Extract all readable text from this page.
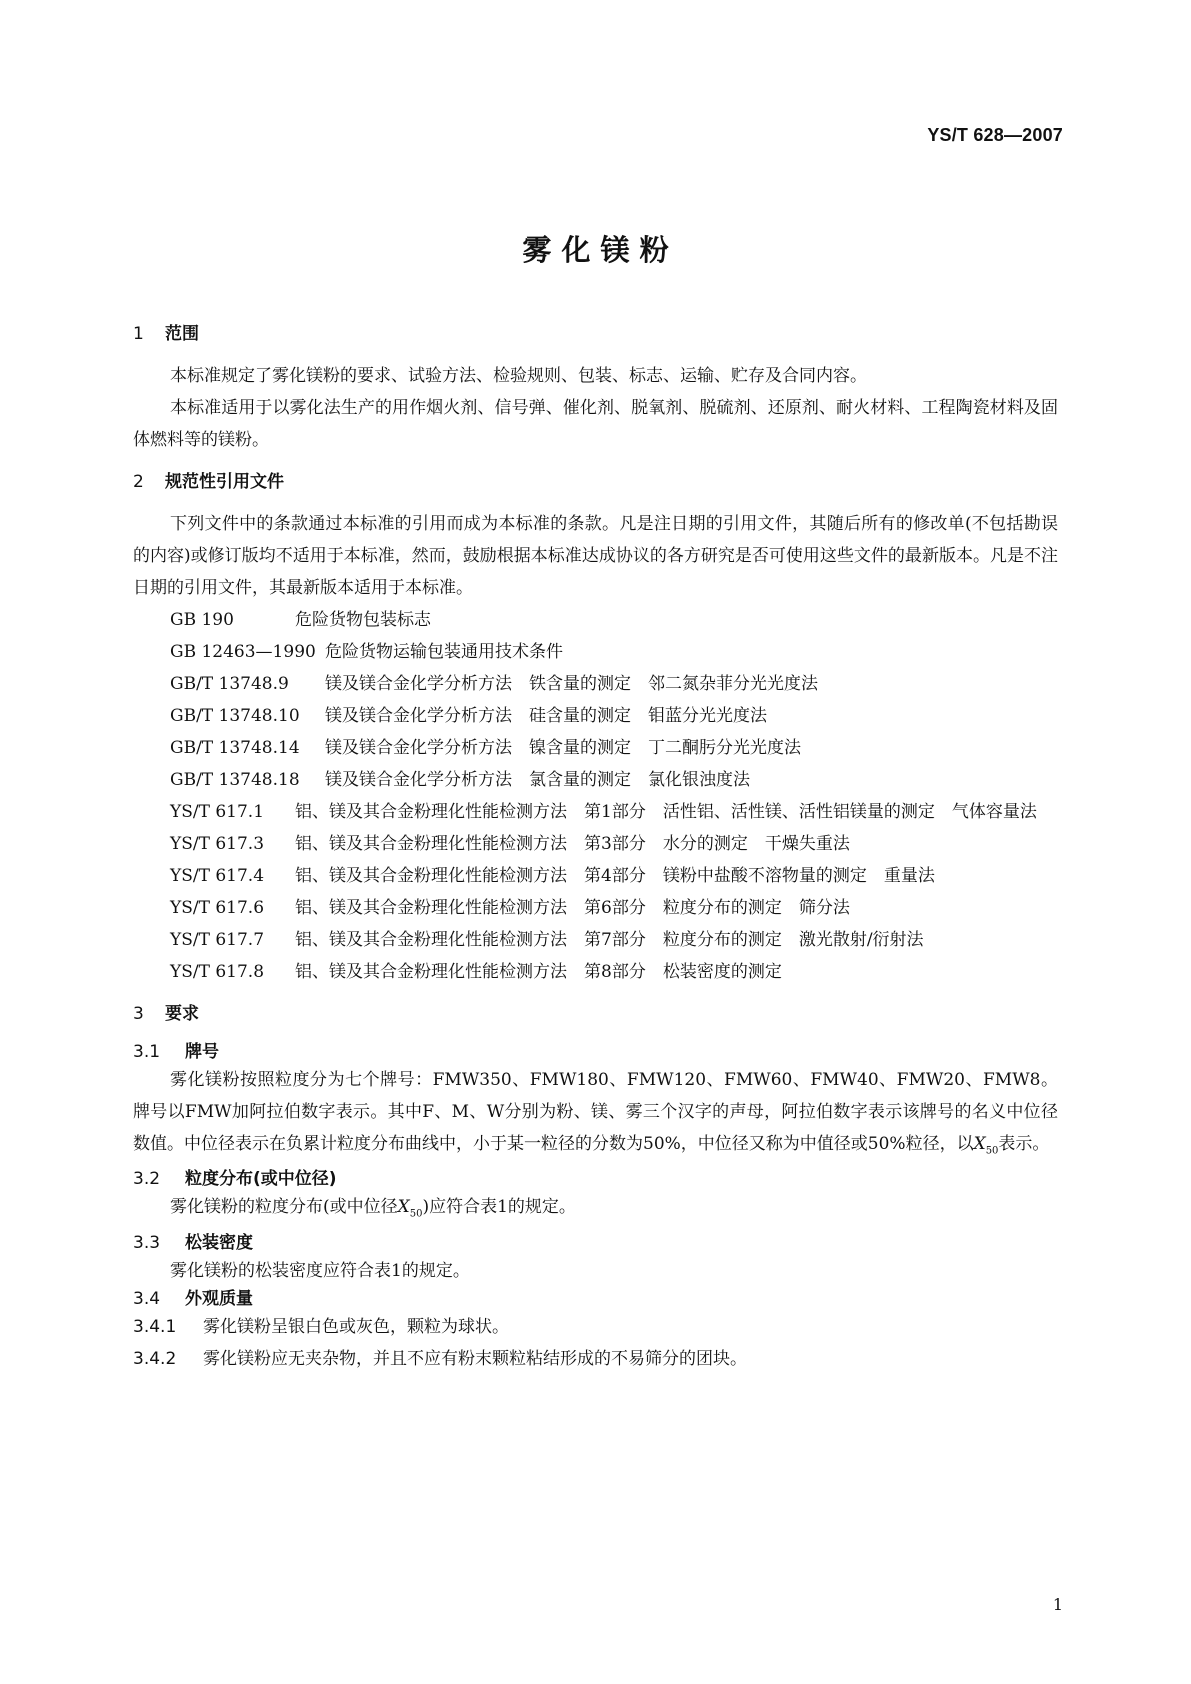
YS/T 628—2007
雾 化 镁 粉

1 范围

本标准规定了雾化镁粉的要求、试验方法、检验规则、包装、标志、运输、贮存及合同内容。

本标准适用于以雾化法生产的用作烟火剂、信号弹、催化剂、脱氧剂、脱硫剂、还原剂、耐火材料、工程陶瓷材料及固体燃料等的镁粉。

2 规范性引用文件

下列文件中的条款通过本标准的引用而成为本标准的条款。凡是注日期的引用文件，其随后所有的修改单(不包括勘误的内容)或修订版均不适用于本标准，然而，鼓励根据本标准达成协议的各方研究是否可使用这些文件的最新版本。凡是不注日期的引用文件，其最新版本适用于本标准。

GB 190	危险货物包装标志

GB 12463—1990 危险货物运输包装通用技术条件

GB/T 13748.9 镁及镁合金化学分析方法　铁含量的测定　邻二氮杂菲分光光度法

GB/T 13748.10 镁及镁合金化学分析方法　硅含量的测定　钼蓝分光光度法

GB/T 13748.14 镁及镁合金化学分析方法　镍含量的测定　丁二酮肟分光光度法

GB/T 13748.18 镁及镁合金化学分析方法　氯含量的测定　氯化银浊度法

YS/T 617.1 铝、镁及其合金粉理化性能检测方法　第1部分　活性铝、活性镁、活性铝镁量的测定　气体容量法

YS/T 617.3 铝、镁及其合金粉理化性能检测方法　第3部分　水分的测定　干燥失重法

YS/T 617.4 铝、镁及其合金粉理化性能检测方法　第4部分　镁粉中盐酸不溶物量的测定　重量法

YS/T 617.6 铝、镁及其合金粉理化性能检测方法　第6部分　粒度分布的测定　筛分法

YS/T 617.7 铝、镁及其合金粉理化性能检测方法　第7部分　粒度分布的测定　激光散射/衍射法

YS/T 617.8 铝、镁及其合金粉理化性能检测方法　第8部分　松装密度的测定

3 要求

3.1 牌号

雾化镁粉按照粒度分为七个牌号：FMW350、FMW180、FMW120、FMW60、FMW40、FMW20、FMW8。牌号以FMW加阿拉伯数字表示。其中F、M、W分别为粉、镁、雾三个汉字的声母，阿拉伯数字表示该牌号的名义中位径数值。中位径表示在负累计粒度分布曲线中，小于某一粒径的分数为50%，中位径又称为中值径或50%粒径，以$X_{50}$表示。

3.2 粒度分布(或中位径)

雾化镁粉的粒度分布(或中位径$X_{50}$)应符合表1的规定。

3.3 松装密度

雾化镁粉的松装密度应符合表1的规定。

3.4 外观质量

3.4.1 雾化镁粉呈银白色或灰色，颗粒为球状。

3.4.2 雾化镁粉应无夹杂物，并且不应有粉末颗粒粘结形成的不易筛分的团块。

1
